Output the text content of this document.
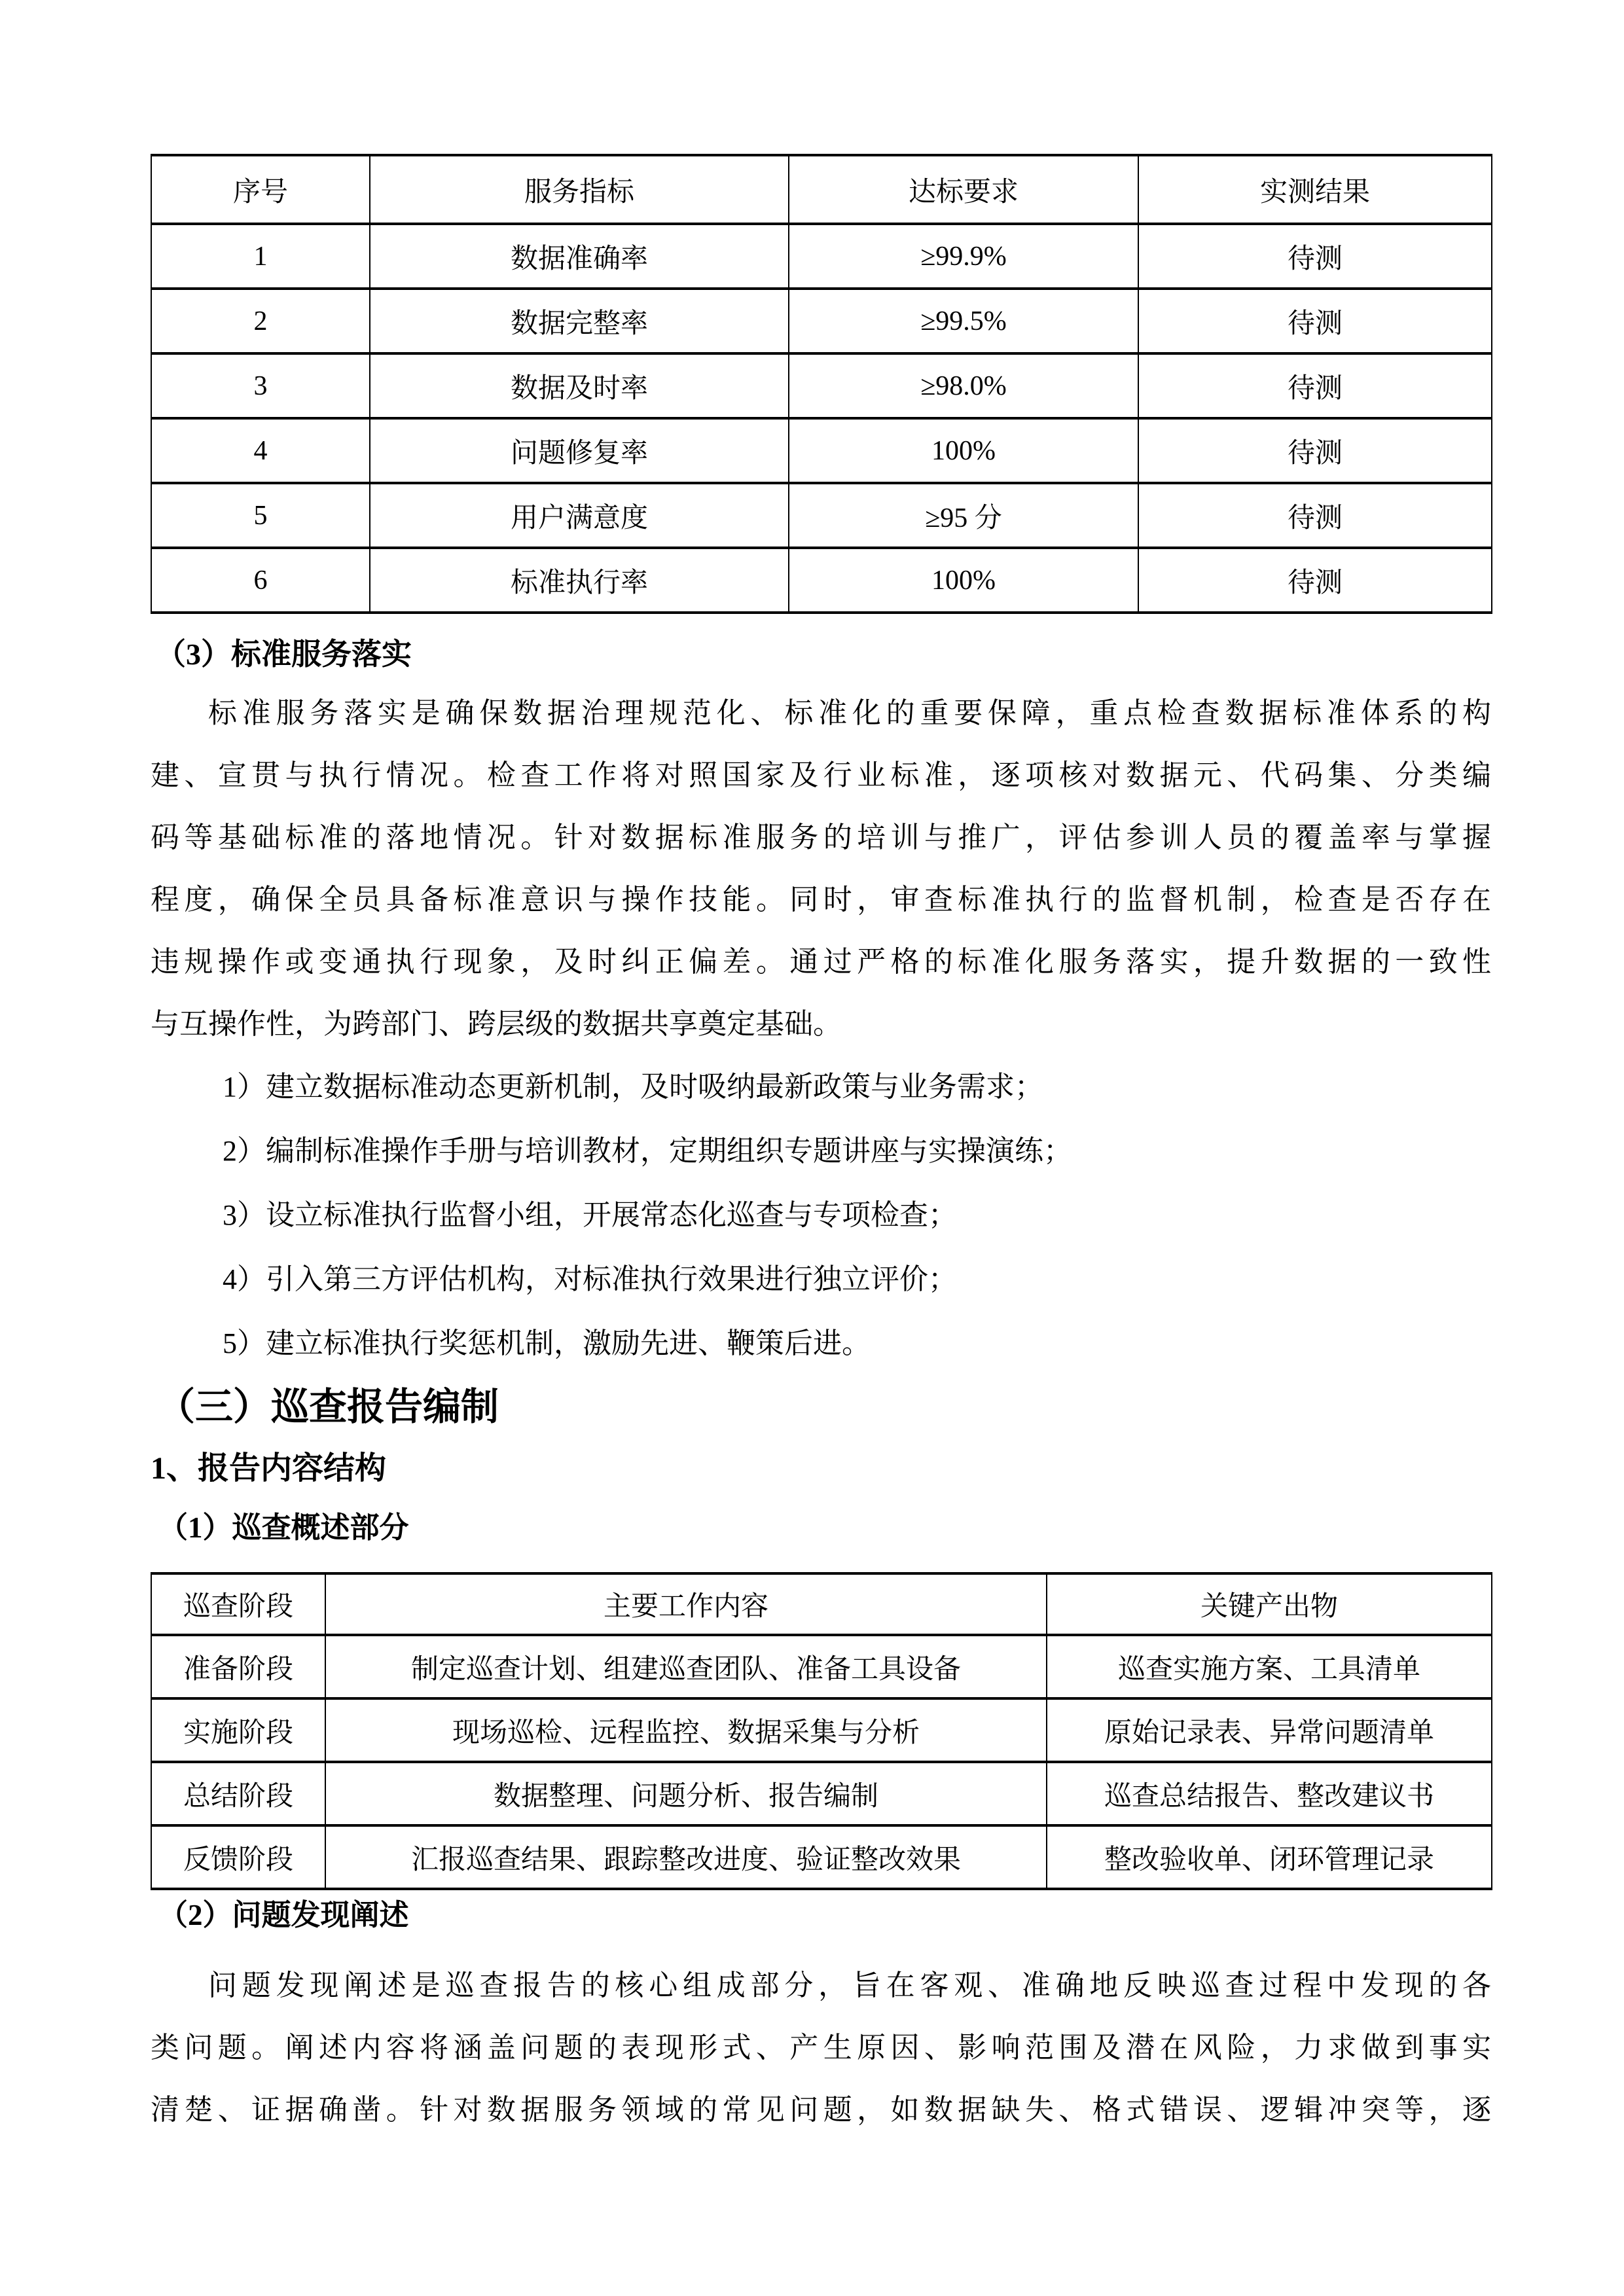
序号	服务指标	达标要求	实测结果
1	数据准确率	≥99.9%	待测
2	数据完整率	≥99.5%	待测
3	数据及时率	≥98.0%	待测
4	问题修复率	100%	待测
5	用户满意度	≥95 分	待测
6	标准执行率	100%	待测
（3）标准服务落实
标准服务落实是确保数据治理规范化、标准化的重要保障，重点检查数据标准体系的构
建、宣贯与执行情况。检查工作将对照国家及行业标准，逐项核对数据元、代码集、分类编
码等基础标准的落地情况。针对数据标准服务的培训与推广，评估参训人员的覆盖率与掌握
程度，确保全员具备标准意识与操作技能。同时，审查标准执行的监督机制，检查是否存在
违规操作或变通执行现象，及时纠正偏差。通过严格的标准化服务落实，提升数据的一致性
与互操作性，为跨部门、跨层级的数据共享奠定基础。
1）建立数据标准动态更新机制，及时吸纳最新政策与业务需求；
2）编制标准操作手册与培训教材，定期组织专题讲座与实操演练；
3）设立标准执行监督小组，开展常态化巡查与专项检查；
4）引入第三方评估机构，对标准执行效果进行独立评价；
5）建立标准执行奖惩机制，激励先进、鞭策后进。
（三）巡查报告编制
1、报告内容结构
（1）巡查概述部分
巡查阶段	主要工作内容	关键产出物
准备阶段	制定巡查计划、组建巡查团队、准备工具设备	巡查实施方案、工具清单
实施阶段	现场巡检、远程监控、数据采集与分析	原始记录表、异常问题清单
总结阶段	数据整理、问题分析、报告编制	巡查总结报告、整改建议书
反馈阶段	汇报巡查结果、跟踪整改进度、验证整改效果	整改验收单、闭环管理记录
（2）问题发现阐述
问题发现阐述是巡查报告的核心组成部分，旨在客观、准确地反映巡查过程中发现的各
类问题。阐述内容将涵盖问题的表现形式、产生原因、影响范围及潜在风险，力求做到事实
清楚、证据确凿。针对数据服务领域的常见问题，如数据缺失、格式错误、逻辑冲突等，逐
